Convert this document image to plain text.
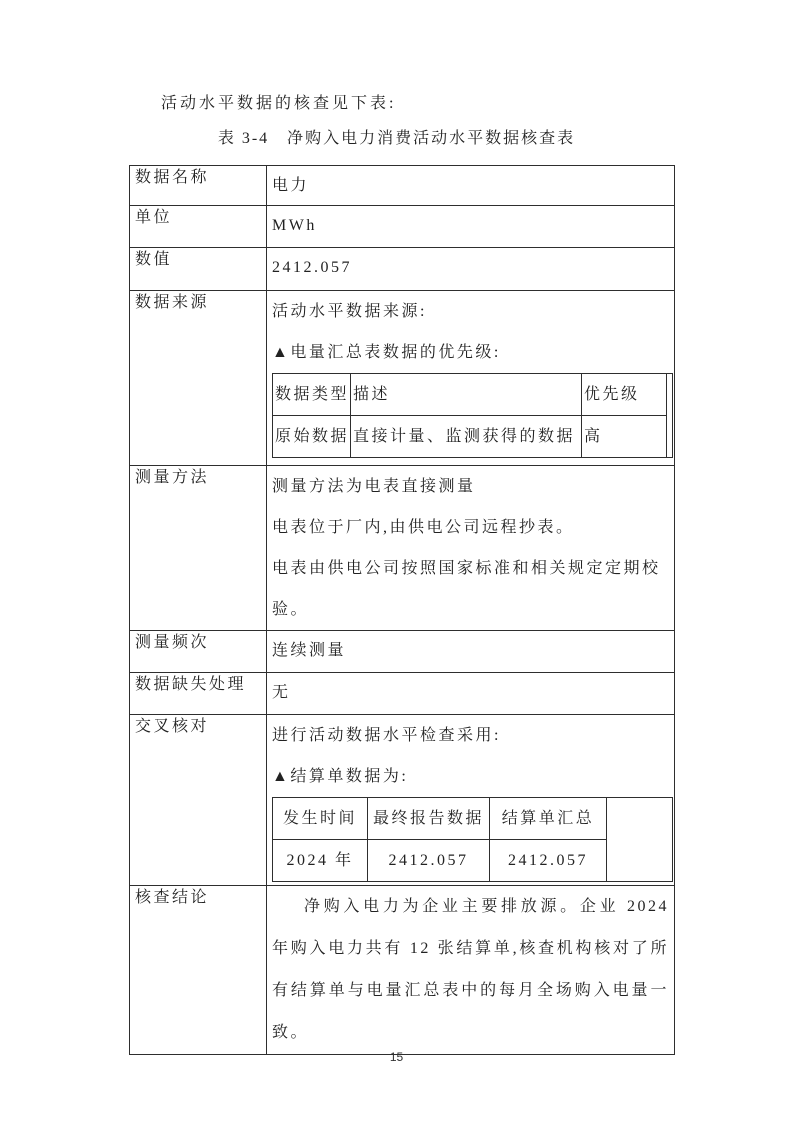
活动水平数据的核查见下表:

表 3-4　净购入电力消费活动水平数据核查表

数据名称	电力
单位	MWh
数值	2412.057
数据来源	

活动水平数据来源:

▲电量汇总表数据的优先级:

数据类型	描述	优先级	
原始数据	直接计量、监测获得的数据	高

测量方法	

测量方法为电表直接测量

电表位于厂内,由供电公司远程抄表。

电表由供电公司按照国家标准和相关规定定期校验。

测量频次	连续测量
数据缺失处理	无
交叉核对	

进行活动数据水平检查采用:

▲结算单数据为:

发生时间	最终报告数据	结算单汇总	
2024 年	2412.057	2412.057

核查结论	

净购入电力为企业主要排放源。企业 2024 年购入电力共有 12 张结算单,核查机构核对了所有结算单与电量汇总表中的每月全场购入电量一致。

15
